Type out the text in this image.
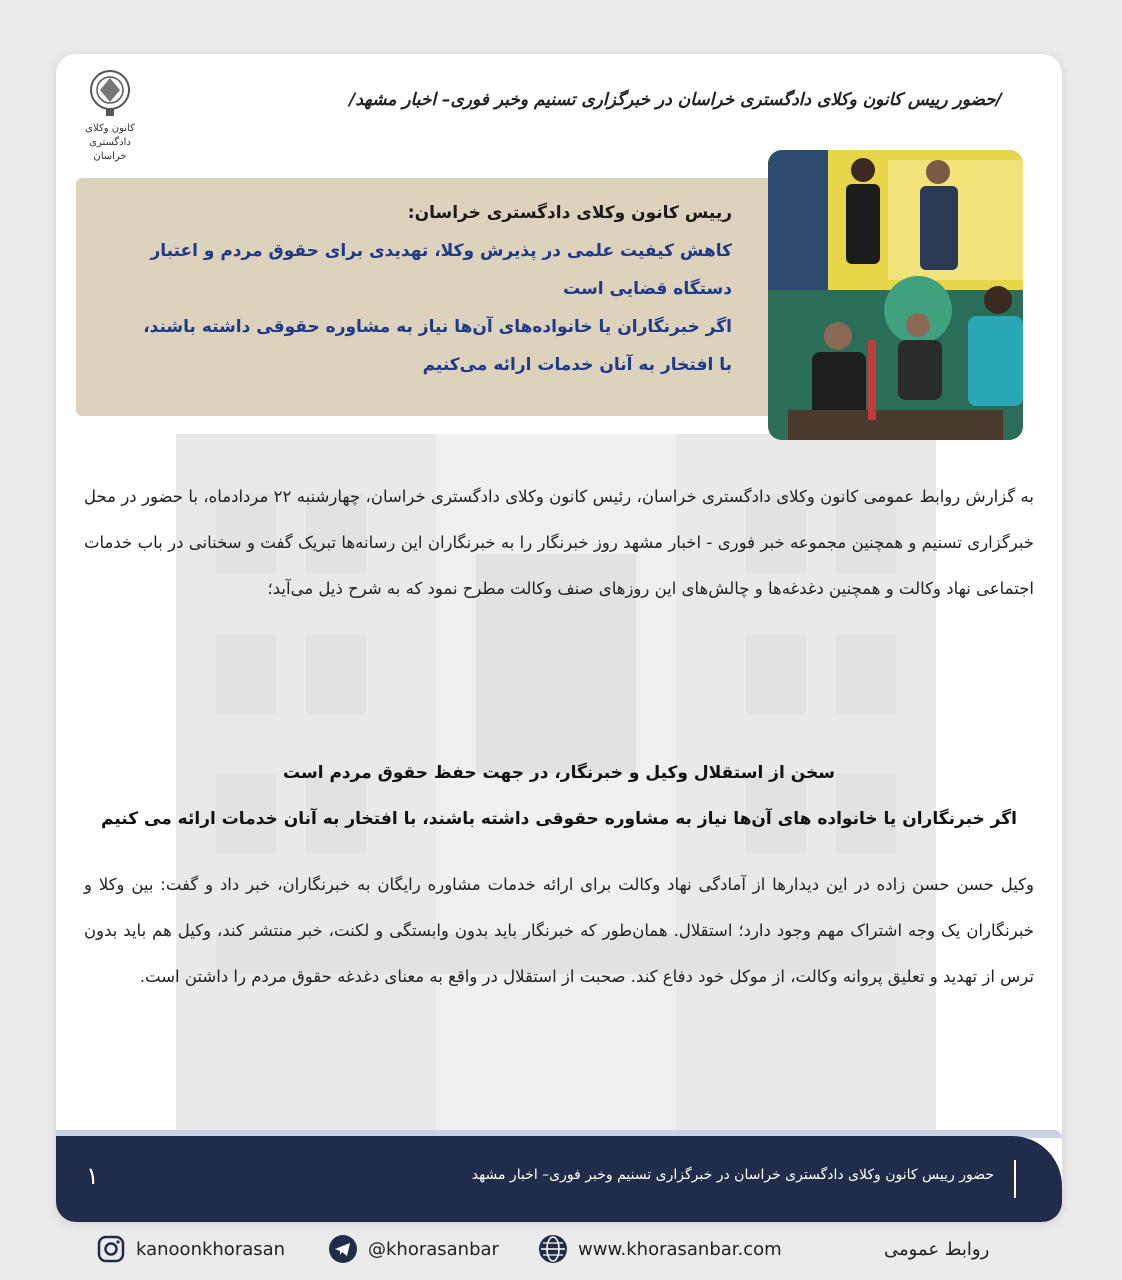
کانون وکلای دادگستری
خراسان
/حضور رییس کانون وکلای دادگستری خراسان در خبرگزاری تسنیم وخبر فوری– اخبار مشهد/
رییس کانون وکلای دادگستری خراسان:
کاهش کیفیت علمی در پذیرش وکلا، تهدیدی برای حقوق مردم و اعتبار
دستگاه قضایی است
اگر خبرنگاران یا خانواده‌های آن‌ها نیاز به مشاوره حقوقی داشته باشند،
با افتخار به آنان خدمات ارائه می‌کنیم
به گزارش روابط عمومی کانون وکلای دادگستری خراسان، رئیس کانون وکلای دادگستری خراسان، چهارشنبه ۲۲ مردادماه، با حضور در محل خبرگزاری تسنیم و همچنین مجموعه خبر فوری - اخبار مشهد روز خبرنگار را به خبرنگاران این رسانه‌ها تبریک گفت و سخنانی در باب خدمات اجتماعی نهاد وکالت و همچنین دغدغه‌ها و چالش‌های این روزهای صنف وکالت مطرح نمود که به شرح ذیل می‌آید؛
سخن از استقلال وکیل و خبرنگار، در جهت حفظ حقوق مردم است
اگر خبرنگاران یا خانواده های آن‌ها نیاز به مشاوره حقوقی داشته باشند، با افتخار به آنان خدمات ارائه می کنیم
وکیل حسن حسن زاده در این دیدارها از آمادگی نهاد وکالت برای ارائه خدمات مشاوره رایگان به خبرنگاران، خبر داد و گفت: بین وکلا و خبرنگاران یک وجه اشتراک مهم وجود دارد؛ استقلال. همان‌طور که خبرنگار باید بدون وابستگی و لکنت، خبر منتشر کند، وکیل هم باید بدون ترس از تهدید و تعلیق پروانه وکالت، از موکل خود دفاع کند. صحبت از استقلال در واقع به معنای دغدغه حقوق مردم را داشتن است.
حضور رییس کانون وکلای دادگستری خراسان در خبرگزاری تسنیم وخبر فوری– اخبار مشهد
۱
kanoonkhorasan	@khorasanbar	www.khorasanbar.com	روابط عمومی
